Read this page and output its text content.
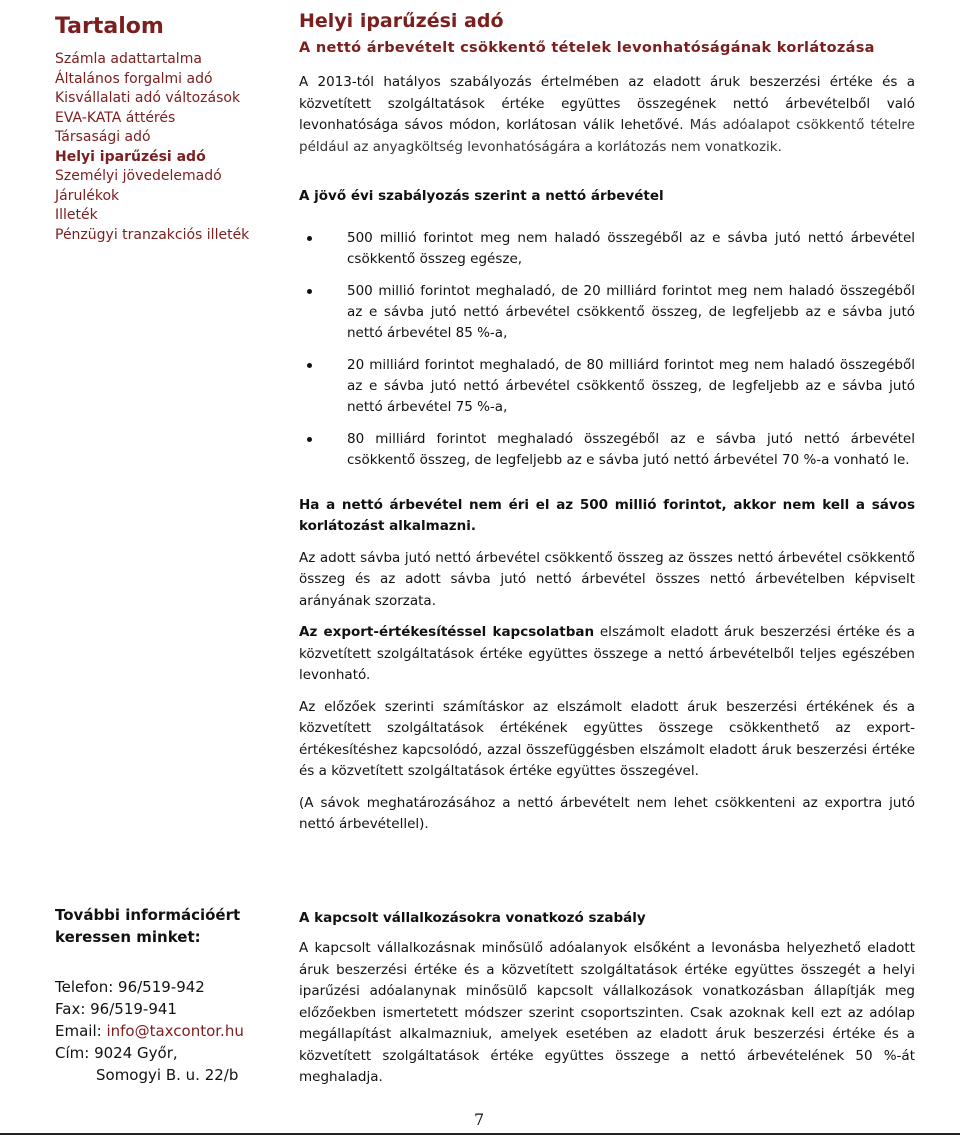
Tartalom
Számla adattartalma
Általános forgalmi adó
Kisvállalati adó változások
EVA-KATA áttérés
Társasági adó
Helyi iparűzési adó
Személyi jövedelemadó
Járulékok
Illeték
Pénzügyi tranzakciós illeték
Helyi iparűzési adó
A nettó árbevételt csökkentő tételek levonhatóságának korlátozása

A 2013-tól hatályos szabályozás értelmében az eladott áruk beszerzési értéke és a közvetített szolgáltatások értéke együttes összegének nettó árbevételből való levonhatósága sávos módon, korlátosan válik lehetővé. Más adóalapot csökkentő tételre például az anyagköltség levonhatóságára a korlátozás nem vonatkozik.

A jövő évi szabályozás szerint a nettó árbevétel

500 millió forintot meg nem haladó összegéből az e sávba jutó nettó árbevétel csökkentő összeg egésze,
500 millió forintot meghaladó, de 20 milliárd forintot meg nem haladó összegéből az e sávba jutó nettó árbevétel csökkentő összeg, de legfeljebb az e sávba jutó nettó árbevétel 85 %-a,
20 milliárd forintot meghaladó, de 80 milliárd forintot meg nem haladó összegéből az e sávba jutó nettó árbevétel csökkentő összeg, de legfeljebb az e sávba jutó nettó árbevétel 75 %-a,
80 milliárd forintot meghaladó összegéből az e sávba jutó nettó árbevétel csökkentő összeg, de legfeljebb az e sávba jutó nettó árbevétel 70 %-a vonható le.

Ha a nettó árbevétel nem éri el az 500 millió forintot, akkor nem kell a sávos korlátozást alkalmazni.

Az adott sávba jutó nettó árbevétel csökkentő összeg az összes nettó árbevétel csökkentő összeg és az adott sávba jutó nettó árbevétel összes nettó árbevételben képviselt arányának szorzata.

Az export-értékesítéssel kapcsolatban elszámolt eladott áruk beszerzési értéke és a közvetített szolgáltatások értéke együttes összege a nettó árbevételből teljes egészében levonható.

Az előzőek szerinti számításkor az elszámolt eladott áruk beszerzési értékének és a közvetített szolgáltatások értékének együttes összege csökkenthető az export-értékesítéshez kapcsolódó, azzal összefüggésben elszámolt eladott áruk beszerzési értéke és a közvetített szolgáltatások értéke együttes összegével.

(A sávok meghatározásához a nettó árbevételt nem lehet csökkenteni az exportra jutó nettó árbevétellel).

További információért keressen minket:
Telefon: 96/519-942
Fax: 96/519-941
Email: info@taxcontor.hu
Cím: 9024 Győr,
Somogyi B. u. 22/b
A kapcsolt vállalkozásokra vonatkozó szabály

A kapcsolt vállalkozásnak minősülő adóalanyok elsőként a levonásba helyezhető eladott áruk beszerzési értéke és a közvetített szolgáltatások értéke együttes összegét a helyi iparűzési adóalanynak minősülő kapcsolt vállalkozások vonatkozásban állapítják meg előzőekben ismertetett módszer szerint csoportszinten. Csak azoknak kell ezt az adólap megállapítást alkalmazniuk, amelyek esetében az eladott áruk beszerzési értéke és a közvetített szolgáltatások értéke együttes összege a nettó árbevételének 50 %-át meghaladja.

7
